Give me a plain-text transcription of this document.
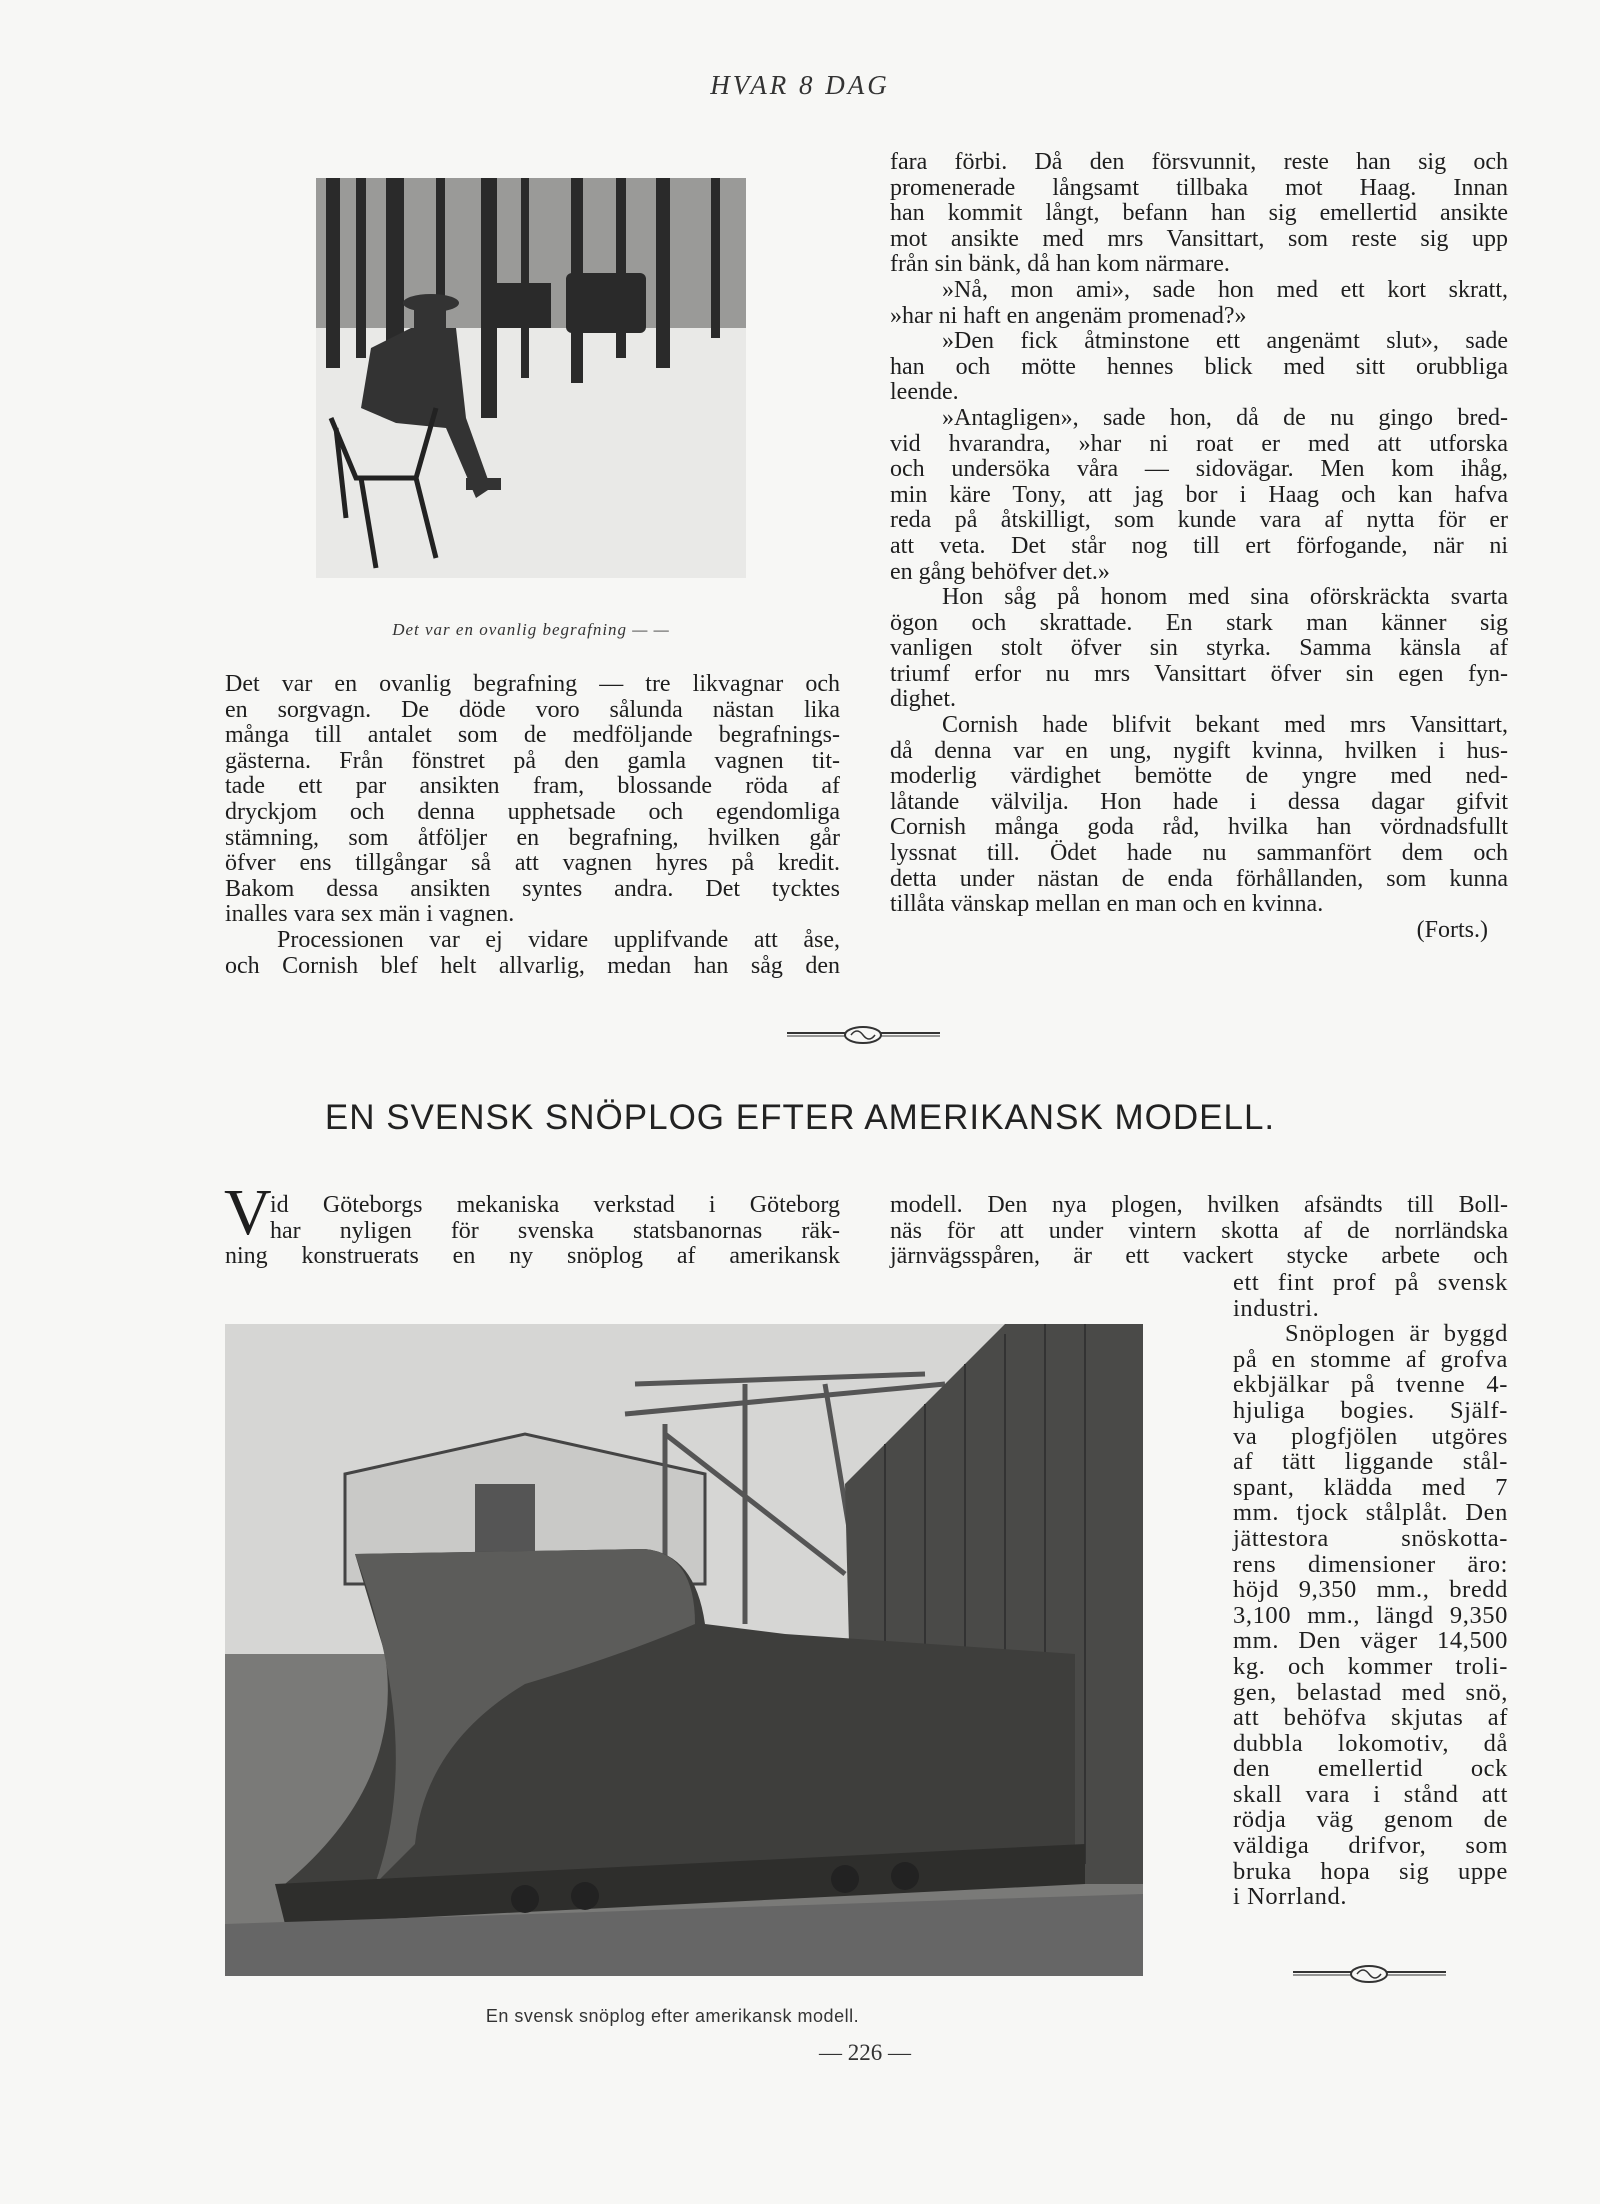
HVAR 8 DAG
Det var en ovanlig begrafning — —
Det var en ovanlig begrafning — tre likvagnar och
en sorgvagn. De döde voro sålunda nästan lika
många till antalet som de medföljande begrafnings-
gästerna. Från fönstret på den gamla vagnen tit-
tade ett par ansikten fram, blossande röda af
dryckjom och denna upphetsade och egendomliga
stämning, som åtföljer en begrafning, hvilken går
öfver ens tillgångar så att vagnen hyres på kredit.
Bakom dessa ansikten syntes andra. Det tycktes
inalles vara sex män i vagnen.
Processionen var ej vidare upplifvande att åse,
och Cornish blef helt allvarlig, medan han såg den
fara förbi. Då den försvunnit, reste han sig och
promenerade långsamt tillbaka mot Haag. Innan
han kommit långt, befann han sig emellertid ansikte
mot ansikte med mrs Vansittart, som reste sig upp
från sin bänk, då han kom närmare.
»Nå, mon ami», sade hon med ett kort skratt,
»har ni haft en angenäm promenad?»
»Den fick åtminstone ett angenämt slut», sade
han och mötte hennes blick med sitt orubbliga
leende.
»Antagligen», sade hon, då de nu gingo bred-
vid hvarandra, »har ni roat er med att utforska
och undersöka våra — sidovägar. Men kom ihåg,
min käre Tony, att jag bor i Haag och kan hafva
reda på åtskilligt, som kunde vara af nytta för er
att veta. Det står nog till ert förfogande, när ni
en gång behöfver det.»
Hon såg på honom med sina oförskräckta svarta
ögon och skrattade. En stark man känner sig
vanligen stolt öfver sin styrka. Samma känsla af
triumf erfor nu mrs Vansittart öfver sin egen fyn-
dighet.
Cornish hade blifvit bekant med mrs Vansittart,
då denna var en ung, nygift kvinna, hvilken i hus-
moderlig värdighet bemötte de yngre med ned-
låtande välvilja. Hon hade i dessa dagar gifvit
Cornish många goda råd, hvilka han vördnadsfullt
lyssnat till. Ödet hade nu sammanfört dem och
detta under nästan de enda förhållanden, som kunna
tillåta vänskap mellan en man och en kvinna.
(Forts.)
EN SVENSK SNÖPLOG EFTER AMERIKANSK MODELL.
V
id Göteborgs mekaniska verkstad i Göteborg
har nyligen för svenska statsbanornas räk-
ning konstruerats en ny snöplog af amerikansk
modell. Den nya plogen, hvilken afsändts till Boll-
näs för att under vintern skotta af de norrländska
järnvägsspåren, är ett vackert stycke arbete och
ett fint prof på svensk
industri.
Snöplogen är byggd
på en stomme af grofva
ekbjälkar på tvenne 4-
hjuliga bogies. Själf-
va plogfjölen utgöres
af tätt liggande stål-
spant, klädda med 7
mm. tjock stålplåt. Den
jättestora snöskotta-
rens dimensioner äro:
höjd 9,350 mm., bredd
3,100 mm., längd 9,350
mm. Den väger 14,500
kg. och kommer troli-
gen, belastad med snö,
att behöfva skjutas af
dubbla lokomotiv, då
den emellertid ock
skall vara i stånd att
rödja väg genom de
väldiga drifvor, som
bruka hopa sig uppe
i Norrland.
En svensk snöplog efter amerikansk modell.
— 226 —
